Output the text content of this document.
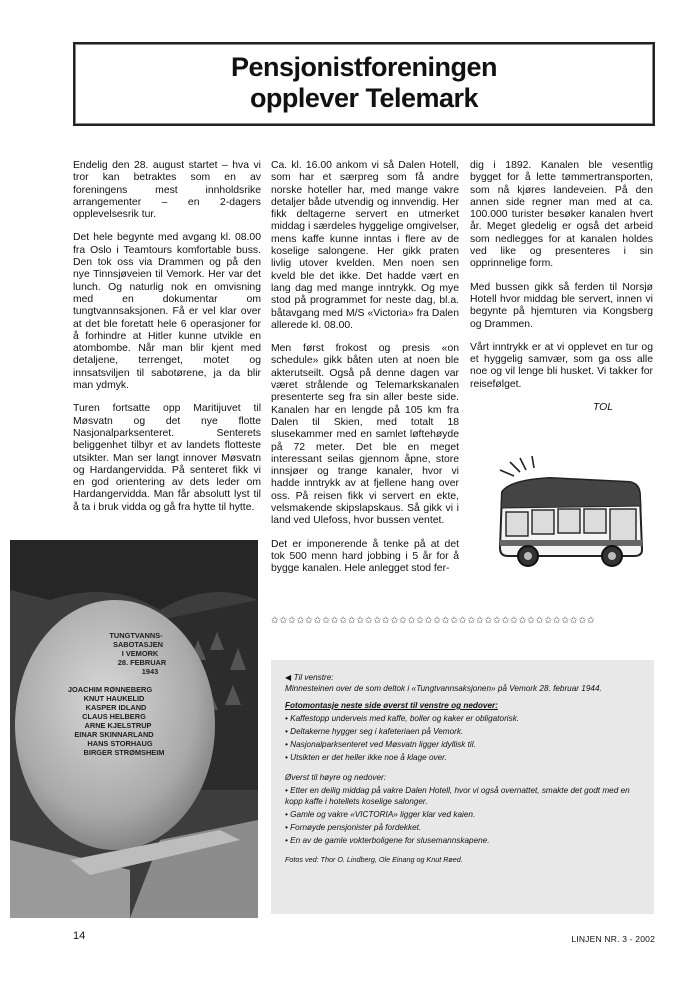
Pensjonistforeningen opplever Telemark

Endelig den 28. august startet – hva vi tror kan betraktes som en av foreningens mest innholdsrike arrangementer – en 2-dagers opplevelsesrik tur.

Det hele begynte med avgang kl. 08.00 fra Oslo i Teamtours komfortable buss. Den tok oss via Drammen og på den nye Tinnsjøveien til Vemork. Her var det lunch. Og naturlig nok en omvisning med en dokumentar om tungtvannsaksjonen. Få er vel klar over at det ble foretatt hele 6 operasjoner for å forhindre at Hitler kunne utvikle en atombombe. Når man blir kjent med detaljene, terrenget, motet og innsatsviljen til sabotørene, ja da blir man ydmyk.

Turen fortsatte opp Maritijuvet til Møsvatn og det nye flotte Nasjonalparksenteret. Senterets beliggenhet tilbyr et av landets flotteste utsikter. Man ser langt innover Møsvatn og Hardangervidda. På senteret fikk vi en god orientering av dets leder om Hardangervidda. Man får absolutt lyst til å ta i bruk vidda og gå fra hytte til hytte.

Ca. kl. 16.00 ankom vi så Dalen Hotell, som har et særpreg som få andre norske hoteller har, med mange vakre detaljer både utvendig og innvendig. Her fikk deltagerne servert en utmerket middag i særdeles hyggelige omgivelser, mens kaffe kunne inntas i flere av de koselige salongene. Her gikk praten livlig utover kvelden. Men noen sen kveld ble det ikke. Det hadde vært en lang dag med mange inntrykk. Og mye stod på programmet for neste dag, bl.a. båtavgang med M/S «Victoria» fra Dalen allerede kl. 08.00.

Men først frokost og presis «on schedule» gikk båten uten at noen ble akterutseilt. Også på denne dagen var været strålende og Telemarkskanalen presenterte seg fra sin aller beste side. Kanalen har en lengde på 105 km fra Dalen til Skien, med totalt 18 slusekammer med en samlet løftehøyde på 72 meter. Det ble en meget interessant seilas gjennom åpne, store innsjøer og trange kanaler, hvor vi hadde inntrykk av at fjellene hang over oss. På reisen fikk vi servert en ekte, velsmakende skipslapskaus. Så gikk vi i land ved Ulefoss, hvor bussen ventet.

Det er imponerende å tenke på at det tok 500 menn hard jobbing i 5 år for å bygge kanalen. Hele anlegget stod fer-

dig i 1892. Kanalen ble vesentlig bygget for å lette tømmertransporten, som nå kjøres landeveien. På den annen side regner man med at ca. 100.000 turister besøker kanalen hvert år. Meget gledelig er også det arbeid som nedlegges for at kanalen holdes ved like og presenteres i sin opprinnelige form.

Med bussen gikk så ferden til Norsjø Hotell hvor middag ble servert, innen vi begynte på hjemturen via Kongsberg og Drammen.

Vårt inntrykk er at vi opplevet en tur og et hyggelig samvær, som ga oss alle noe og vil lenge bli husket. Vi takker for reisefølget.

TOL

TUNGTVANNS-
SABOTASJEN
I VEMORK
28. FEBRUAR
1943
JOACHIM RØNNEBERG
KNUT HAUKELID
KASPER IDLAND
CLAUS HELBERG
ARNE KJELSTRUP
EINAR SKINNARLAND
HANS STORHAUG
BIRGER STRØMSHEIM
✩✩✩✩✩✩✩✩✩✩✩✩✩✩✩✩✩✩✩✩✩✩✩✩✩✩✩✩✩✩✩✩✩✩✩✩✩✩
◀ Til venstre:
Minnesteinen over de som deltok i «Tungtvannsaksjonen» på Vemork 28. februar 1944.
Fotomontasje neste side øverst til venstre og nedover:
• Kaffestopp underveis med kaffe, boller og kaker er obligatorisk.
• Deltakerne hygger seg i kafeteriaen på Vemork.
• Nasjonalparksenteret ved Møsvatn ligger idyllisk til.
• Utsikten er det heller ikke noe å klage over.
Øverst til høyre og nedover:
• Etter en deilig middag på vakre Dalen Hotell, hvor vi også overnattet, smakte det godt med en kopp kaffe i hotellets koselige salonger.
• Gamle og vakre «VICTORIA» ligger klar ved kaien.
• Fornøyde pensjonister på fordekket.
• En av de gamle vokterboligene for slusemannskapene.
Fotos ved: Thor O. Lindberg, Ole Einang og Knut Røed.
14	LINJEN NR. 3 - 2002
